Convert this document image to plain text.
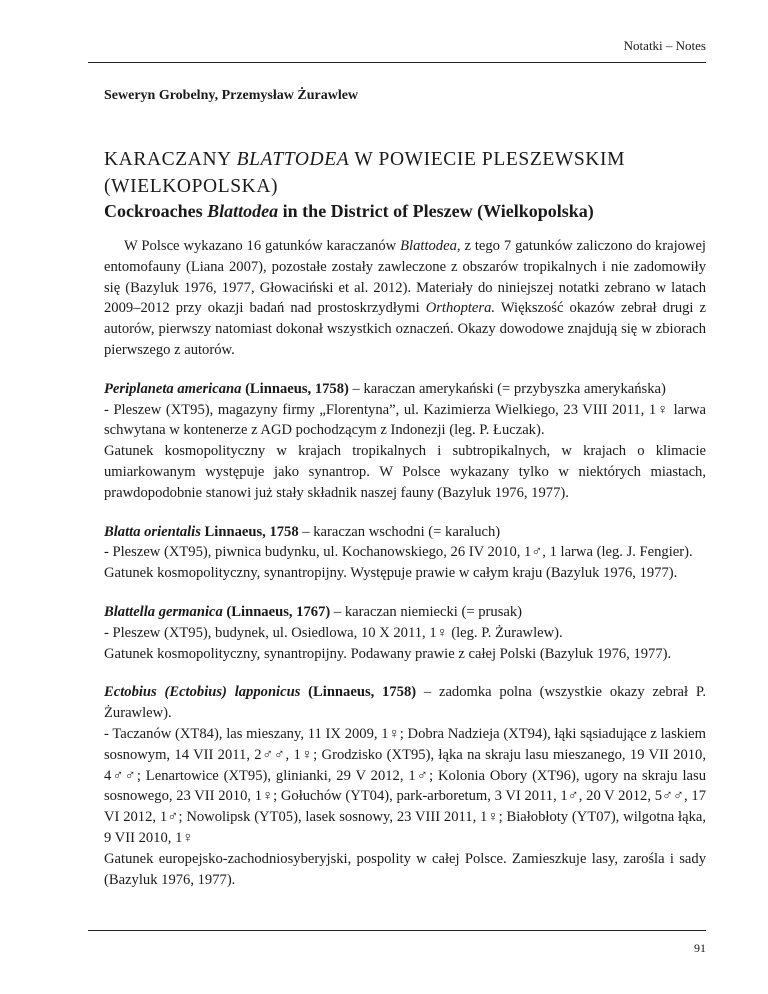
Notatki – Notes
Seweryn Grobelny, Przemysław Żurawlew
KARACZANY BLATTODEA W POWIECIE PLESZEWSKIM (WIELKOPOLSKA)
Cockroaches Blattodea in the District of Pleszew (Wielkopolska)

W Polsce wykazano 16 gatunków karaczanów Blattodea, z tego 7 gatunków zaliczono do krajowej entomofauny (Liana 2007), pozostałe zostały zawleczone z obszarów tropikalnych i nie zadomowiły się (Bazyluk 1976, 1977, Głowaciński et al. 2012). Materiały do niniejszej notatki zebrano w latach 2009–2012 przy okazji badań nad prostoskrzydłymi Orthoptera. Większość okazów zebrał drugi z autorów, pierwszy natomiast dokonał wszystkich oznaczeń. Okazy dowodowe znajdują się w zbiorach pierwszego z autorów.

Periplaneta americana (Linnaeus, 1758) – karaczan amerykański (= przybyszka amerykańska)

- Pleszew (XT95), magazyny firmy „Florentyna”, ul. Kazimierza Wielkiego, 23 VIII 2011, 1♀ larwa schwytana w kontenerze z AGD pochodzącym z Indonezji (leg. P. Łuczak).

Gatunek kosmopolityczny w krajach tropikalnych i subtropikalnych, w krajach o klimacie umiarkowanym występuje jako synantrop. W Polsce wykazany tylko w niektórych miastach, prawdopodobnie stanowi już stały składnik naszej fauny (Bazyluk 1976, 1977).

Blatta orientalis Linnaeus, 1758 – karaczan wschodni (= karaluch)

- Pleszew (XT95), piwnica budynku, ul. Kochanowskiego, 26 IV 2010, 1♂, 1 larwa (leg. J. Fengier).

Gatunek kosmopolityczny, synantropijny. Występuje prawie w całym kraju (Bazyluk 1976, 1977).

Blattella germanica (Linnaeus, 1767) – karaczan niemiecki (= prusak)

- Pleszew (XT95), budynek, ul. Osiedlowa, 10 X 2011, 1♀ (leg. P. Żurawlew).

Gatunek kosmopolityczny, synantropijny. Podawany prawie z całej Polski (Bazyluk 1976, 1977).

Ectobius (Ectobius) lapponicus (Linnaeus, 1758) – zadomka polna (wszystkie okazy zebrał P. Żurawlew).

- Taczanów (XT84), las mieszany, 11 IX 2009, 1♀; Dobra Nadzieja (XT94), łąki sąsiadujące z laskiem sosnowym, 14 VII 2011, 2♂♂, 1♀; Grodzisko (XT95), łąka na skraju lasu mieszanego, 19 VII 2010, 4♂♂; Lenartowice (XT95), glinianki, 29 V 2012, 1♂; Kolonia Obory (XT96), ugory na skraju lasu sosnowego, 23 VII 2010, 1♀; Gołuchów (YT04), park-arboretum, 3 VI 2011, 1♂, 20 V 2012, 5♂♂, 17 VI 2012, 1♂; Nowolipsk (YT05), lasek sosnowy, 23 VIII 2011, 1♀; Białobłoty (YT07), wilgotna łąka, 9 VII 2010, 1♀

Gatunek europejsko-zachodniosyberyjski, pospolity w całej Polsce. Zamieszkuje lasy, zarośla i sady (Bazyluk 1976, 1977).

91
